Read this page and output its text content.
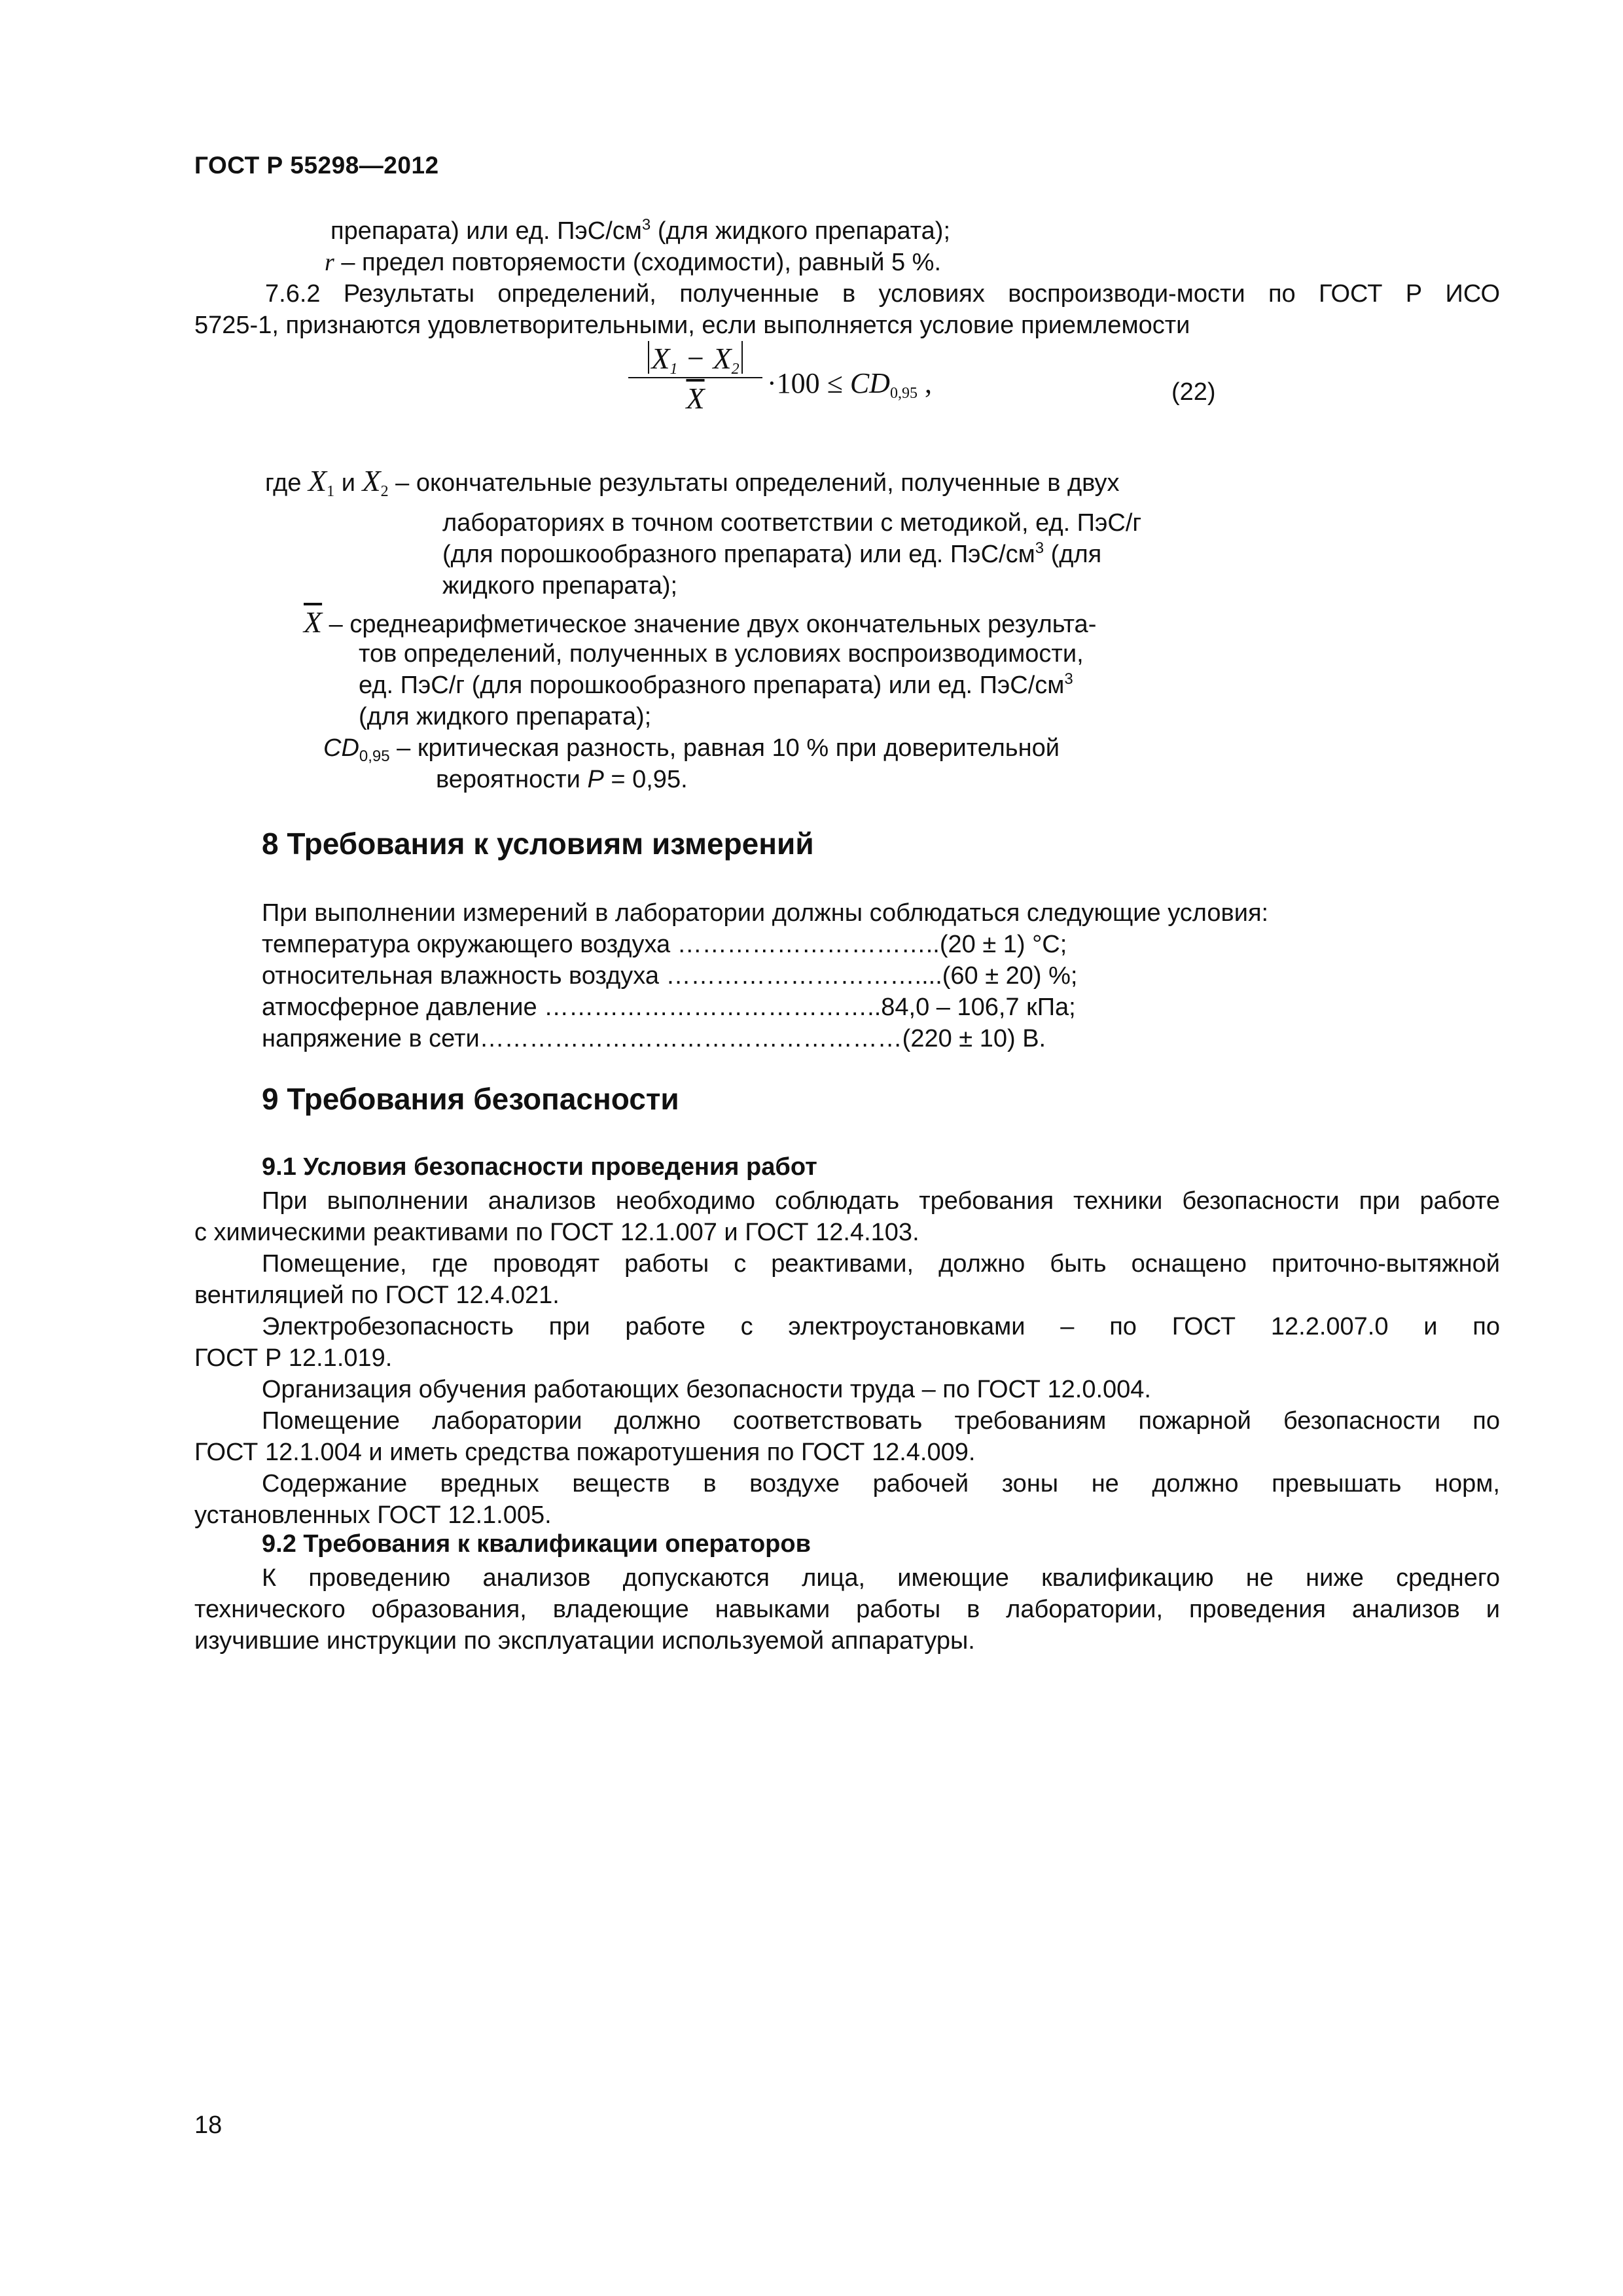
ГОСТ Р 55298—2012
препарата) или ед. ПэС/$см^3$ (для жидкого препарата);
r – предел повторяемости (сходимости), равный 5 %.
7.6.2 Результаты определений, полученные в условиях воспроизводи-мости по ГОСТ Р ИСО
5725-1, признаются удовлетворительными, если выполняется условие приемлемости
$\frac{X_1 - X_2}{X} \cdot 100 \le CD_{0,95}$ ,	(22)
где $X_1$ и $X_2$ – окончательные результаты определений, полученные в двух
лабораториях в точном соответствии с методикой, ед. ПэС/г
(для порошкообразного препарата) или ед. ПэС/$см^3$ (для
жидкого препарата);
$\overline{X}$ – среднеарифметическое значение двух окончательных результа-
тов определений, полученных в условиях воспроизводимости,
ед. ПэС/г (для порошкообразного препарата) или ед. ПэС/$см^3$
(для жидкого препарата);
$CD_{0,95}$ – критическая разность, равная 10 % при доверительной
вероятности P = 0,95.
8 Требования к условиям измерений
При выполнении измерений в лаборатории должны соблюдаться следующие условия:
температура окружающего воздуха …………………………..(20 ± 1) °С;
относительная влажность воздуха …………………………....(60 ± 20) %;
атмосферное давление …………………………………..84,0 – 106,7 кПа;
напряжение в сети……………………………………………(220 ± 10) В.
9 Требования безопасности
9.1 Условия безопасности проведения работ
При выполнении анализов необходимо соблюдать требования техники безопасности при работе
с химическими реактивами по ГОСТ 12.1.007 и ГОСТ 12.4.103.
Помещение, где проводят работы с реактивами, должно быть оснащено приточно-вытяжной
вентиляцией по ГОСТ 12.4.021.
Электробезопасность при работе с электроустановками – по ГОСТ 12.2.007.0 и по
ГОСТ Р 12.1.019.
Организация обучения работающих безопасности труда – по ГОСТ 12.0.004.
Помещение лаборатории должно соответствовать требованиям пожарной безопасности по
ГОСТ 12.1.004 и иметь средства пожаротушения по ГОСТ 12.4.009.
Содержание вредных веществ в воздухе рабочей зоны не должно превышать норм,
установленных ГОСТ 12.1.005.
9.2 Требования к квалификации операторов
К проведению анализов допускаются лица, имеющие квалификацию не ниже среднего
технического образования, владеющие навыками работы в лаборатории, проведения анализов и
изучившие инструкции по эксплуатации используемой аппаратуры.
18
